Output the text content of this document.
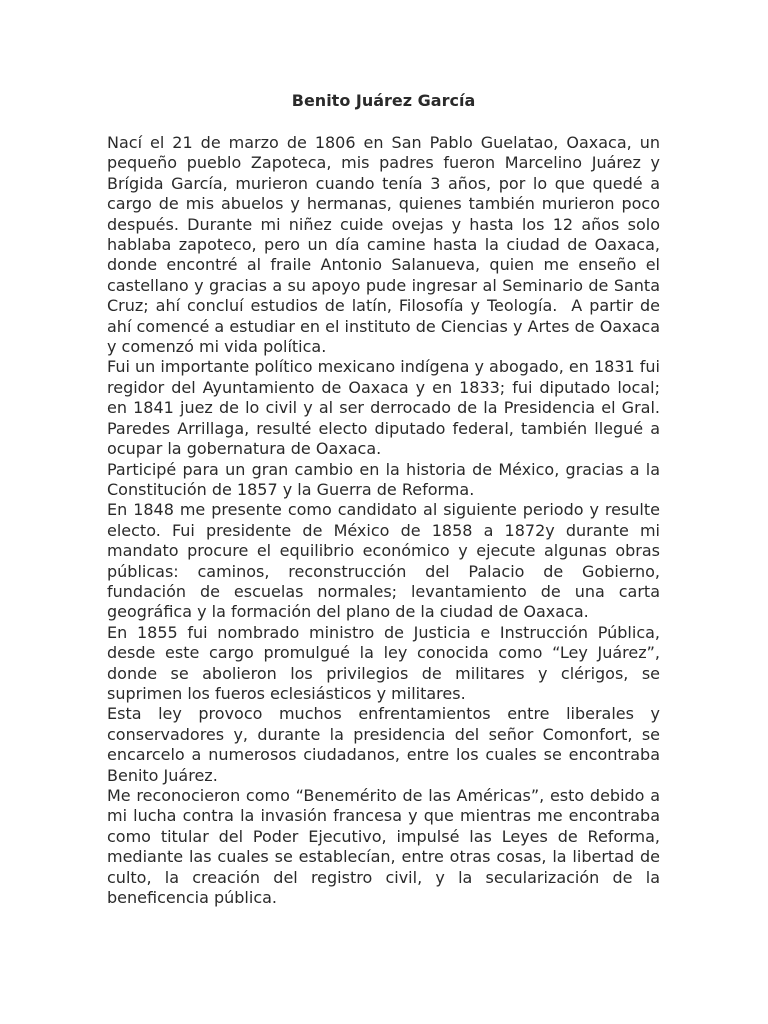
Benito Juárez García

Nací el 21 de marzo de 1806 en San Pablo Guelatao, Oaxaca, un pequeño pueblo Zapoteca, mis padres fueron Marcelino Juárez y Brígida García, murieron cuando tenía 3 años, por lo que quedé a cargo de mis abuelos y hermanas, quienes también murieron poco después. Durante mi niñez cuide ovejas y hasta los 12 años solo hablaba zapoteco, pero un día camine hasta la ciudad de Oaxaca, donde encontré al fraile Antonio Salanueva, quien me enseño el castellano y gracias a su apoyo pude ingresar al Seminario de Santa Cruz; ahí concluí estudios de latín, Filosofía y Teología.  A partir de ahí comencé a estudiar en el instituto de Ciencias y Artes de Oaxaca y comenzó mi vida política.

Fui un importante político mexicano indígena y abogado, en 1831 fui regidor del Ayuntamiento de Oaxaca y en 1833; fui diputado local; en 1841 juez de lo civil y al ser derrocado de la Presidencia el Gral. Paredes Arrillaga, resulté electo diputado federal, también llegué a ocupar la gobernatura de Oaxaca.

Participé para un gran cambio en la historia de México, gracias a la Constitución de 1857 y la Guerra de Reforma.

En 1848 me presente como candidato al siguiente periodo y resulte electo. Fui presidente de México de 1858 a 1872y durante mi mandato procure el equilibrio económico y ejecute algunas obras públicas: caminos, reconstrucción del Palacio de Gobierno, fundación de escuelas normales; levantamiento de una carta geográfica y la formación del plano de la ciudad de Oaxaca.

En 1855 fui nombrado ministro de Justicia e Instrucción Pública, desde este cargo promulgué la ley conocida como “Ley Juárez”, donde se abolieron los privilegios de militares y clérigos, se suprimen los fueros eclesiásticos y militares.

Esta ley provoco muchos enfrentamientos entre liberales y conservadores y, durante la presidencia del señor Comonfort, se encarcelo a numerosos ciudadanos, entre los cuales se encontraba Benito Juárez.

Me reconocieron como “Benemérito de las Américas”, esto debido a mi lucha contra la invasión francesa y que mientras me encontraba como titular del Poder Ejecutivo, impulsé las Leyes de Reforma, mediante las cuales se establecían, entre otras cosas, la libertad de culto, la creación del registro civil, y la secularización de la beneficencia pública.
